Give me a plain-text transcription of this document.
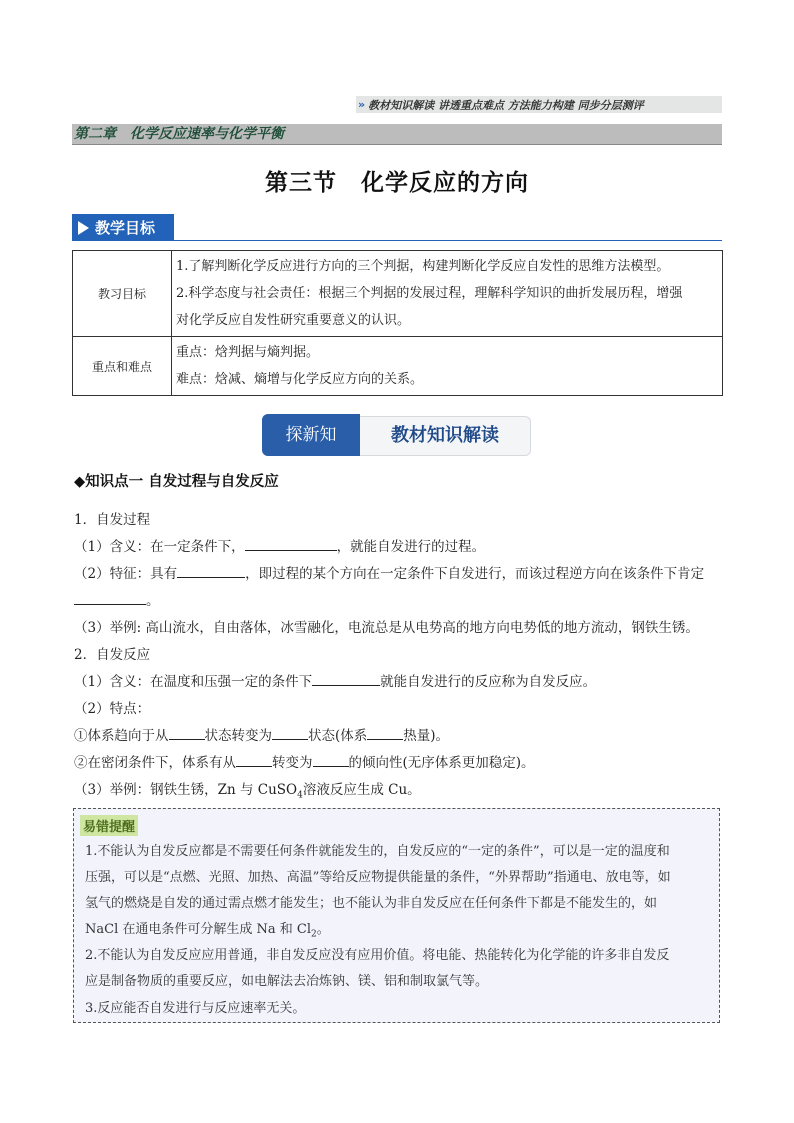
» 教材知识解读 讲透重点难点 方法能力构建 同步分层测评
第二章　化学反应速率与化学平衡
第三节　化学反应的方向
教学目标
教习目标	1.了解判断化学反应进行方向的三个判据，构建判断化学反应自发性的思维方法模型。
2.科学态度与社会责任：根据三个判据的发展过程，理解科学知识的曲折发展历程，增强
对化学反应自发性研究重要意义的认识。

重点和难点	重点：焓判据与熵判据。
难点：焓减、熵增与化学反应方向的关系。
探新知	教材知识解读
◆知识点一 自发过程与自发反应
1．自发过程
（1）含义：在一定条件下，	，就能自发进行的过程。
（2）特征：具有	，即过程的某个方向在一定条件下自发进行，而该过程逆方向在该条件下肯定
。
（3）举例: 高山流水，自由落体，冰雪融化，电流总是从电势高的地方向电势低的地方流动，钢铁生锈。
2．自发反应
（1）含义：在温度和压强一定的条件下	就能自发进行的反应称为自发反应。
（2）特点：
①体系趋向于从	状态转变为	状态(体系	热量)。
②在密闭条件下，体系有从	转变为	的倾向性(无序体系更加稳定)。
（3）举例：钢铁生锈，Zn 与 CuSO$_4$溶液反应生成 Cu。
易错提醒
1.不能认为自发反应都是不需要任何条件就能发生的，自发反应的“一定的条件”，可以是一定的温度和
压强，可以是“点燃、光照、加热、高温”等给反应物提供能量的条件，“外界帮助”指通电、放电等，如
氢气的燃烧是自发的通过需点燃才能发生；也不能认为非自发反应在任何条件下都是不能发生的，如
NaCl 在通电条件可分解生成 Na 和 $Cl_2$。
2.不能认为自发反应应用普通，非自发反应没有应用价值。将电能、热能转化为化学能的许多非自发反
应是制备物质的重要反应，如电解法去冶炼钠、镁、铝和制取氯气等。
3.反应能否自发进行与反应速率无关。
